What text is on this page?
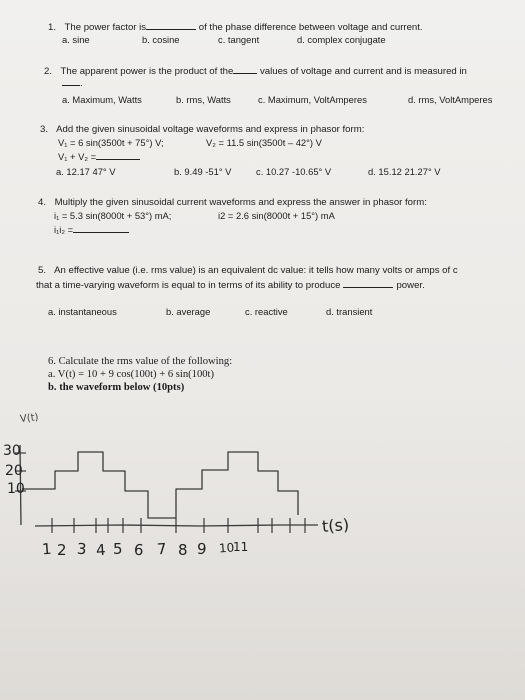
1. The power factor is	of the phase difference between voltage and current.
a. sine	b. cosine	c. tangent	d. complex conjugate
2. The apparent power is the product of the	values of voltage and current and is measured in
.
a. Maximum, Watts	b. rms, Watts	c. Maximum, VoltAmperes	d. rms, VoltAmperes
3. Add the given sinusoidal voltage waveforms and express in phasor form:
V₁ = 6 sin(3500t + 75°) V;	V₂ = 11.5 sin(3500t – 42°) V
V₁ + V₂ =
a. 12.17 47° V	b. 9.49 -51° V	c. 10.27 -10.65° V	d. 15.12 21.27° V
4. Multiply the given sinusoidal current waveforms and express the answer in phasor form:
i₁ = 5.3 sin(8000t + 53°) mA;	i2 = 2.6 sin(8000t + 15°) mA
i₁i₂ =
5. An effective value (i.e. rms value) is an equivalent dc value: it tells how many volts or amps of c
that a time-varying waveform is equal to in terms of its ability to produce	power.
a. instantaneous	b. average	c. reactive	d. transient
6. Calculate the rms value of the following:
a. V(t) = 10 + 9 cos(100t) + 6 sin(100t)
b. the waveform below (10pts)
V(t)
30
20
10
t(s)
1 2 3 4 5 6 7 8 9 10
11
